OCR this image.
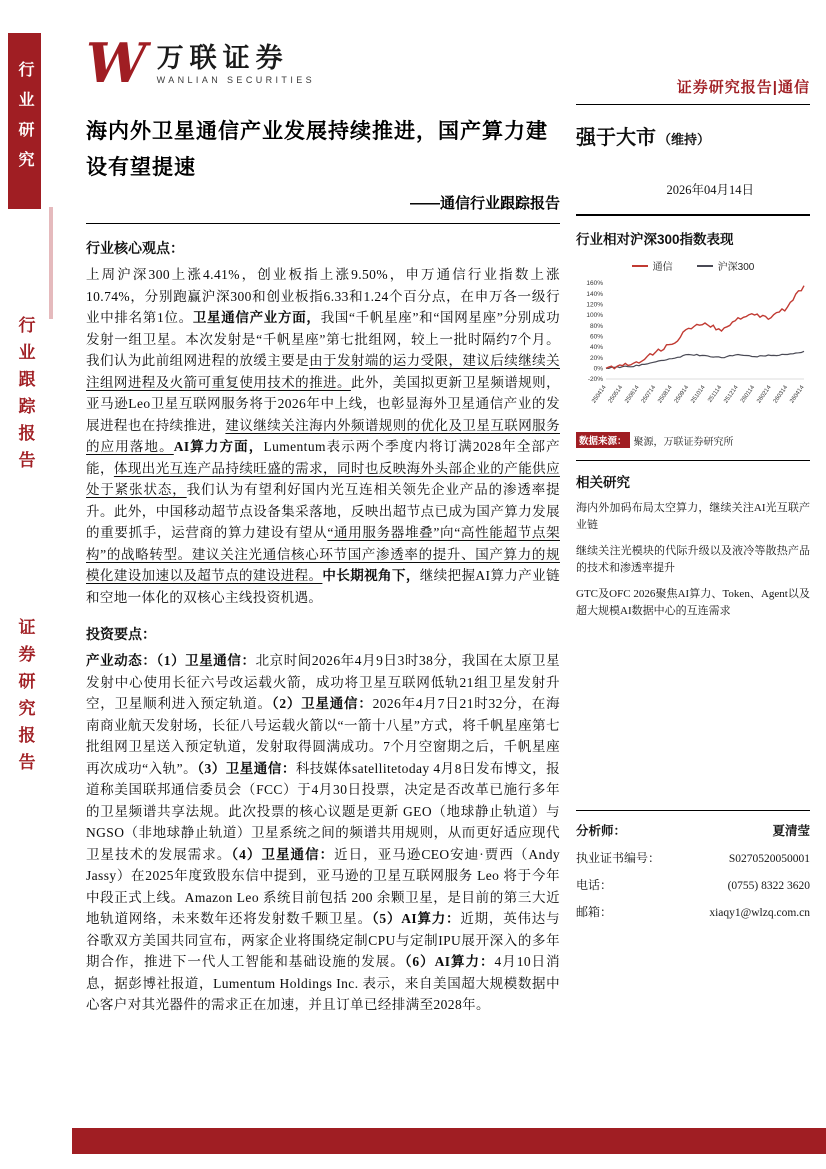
行业研究
行业跟踪报告
证券研究报告
W 万联证券
WANLIAN SECURITIES
海内外卫星通信产业发展持续推进，国产算力建设有望提速
——通信行业跟踪报告
行业核心观点：
上周沪深300上涨4.41%，创业板指上涨9.50%，申万通信行业指数上涨10.74%，分别跑赢沪深300和创业板指6.33和1.24个百分点，在申万各一级行业中排名第1位。卫星通信产业方面，我国“千帆星座”和“国网星座”分别成功发射一组卫星。本次发射是“千帆星座”第七批组网，较上一批时隔约7个月。我们认为此前组网进程的放缓主要是由于发射端的运力受限，建议后续继续关注组网进程及火箭可重复使用技术的推进。此外，美国拟更新卫星频谱规则，亚马逊Leo卫星互联网服务将于2026年中上线，也彰显海外卫星通信产业的发展进程也在持续推进，建议继续关注海内外频谱规则的优化及卫星互联网服务的应用落地。AI算力方面，Lumentum表示两个季度内将订满2028年全部产能，体现出光互连产品持续旺盛的需求，同时也反映海外头部企业的产能供应处于紧张状态，我们认为有望利好国内光互连相关领先企业产品的渗透率提升。此外，中国移动超节点设备集采落地，反映出超节点已成为国产算力发展的重要抓手，运营商的算力建设有望从“通用服务器堆叠”向“高性能超节点架构”的战略转型。建议关注光通信核心环节国产渗透率的提升、国产算力的规模化建设加速以及超节点的建设进程。中长期视角下，继续把握AI算力产业链和空地一体化的双核心主线投资机遇。
投资要点：
产业动态：（1）卫星通信：北京时间2026年4月9日3时38分，我国在太原卫星发射中心使用长征六号改运载火箭，成功将卫星互联网低轨21组卫星发射升空，卫星顺利进入预定轨道。（2）卫星通信：2026年4月7日21时32分，在海南商业航天发射场，长征八号运载火箭以“一箭十八星”方式，将千帆星座第七批组网卫星送入预定轨道，发射取得圆满成功。7个月空窗期之后，千帆星座再次成功“入轨”。（3）卫星通信：科技媒体satellitetoday 4月8日发布博文，报道称美国联邦通信委员会（FCC）于4月30日投票，决定是否改革已施行多年的卫星频谱共享法规。此次投票的核心议题是更新 GEO（地球静止轨道）与 NGSO（非地球静止轨道）卫星系统之间的频谱共用规则，从而更好适应现代卫星技术的发展需求。（4）卫星通信：近日，亚马逊CEO安迪·贾西（Andy Jassy）在2025年度致股东信中提到，亚马逊的卫星互联网服务 Leo 将于今年中段正式上线。Amazon Leo 系统目前包括 200 余颗卫星，是目前的第三大近地轨道网络，未来数年还将发射数千颗卫星。（5）AI算力：近期，英伟达与谷歌双方美国共同宣布，两家企业将围绕定制CPU与定制IPU展开深入的多年期合作，推进下一代人工智能和基础设施的发展。（6）AI算力：4月10日消息，据彭博社报道，Lumentum Holdings Inc. 表示，来自美国超大规模数据中心客户对其光器件的需求正在加速，并且订单已经排满至2028年。
证券研究报告|通信
强于大市 （维持）
2026年04月14日
行业相对沪深300指数表现
通信	沪深300
160%
140%
120%
100%
80%
60%
40%
20%
0%
-20%
250414 250514 250614 250714 250814 250914 251014 251114 251214 260114 260214 260314 260414
数据来源： 聚源，万联证券研究所
相关研究
海内外加码布局太空算力，继续关注AI光互联产业链
继续关注光模块的代际升级以及液冷等散热产品的技术和渗透率提升
GTC及OFC 2026聚焦AI算力、Token、Agent以及超大规模AI数据中心的互连需求
分析师：	夏清莹
执业证书编号：	S0270520050001
电话：	(0755) 8322 3620
邮箱：	xiaqy1@wlzq.com.cn
